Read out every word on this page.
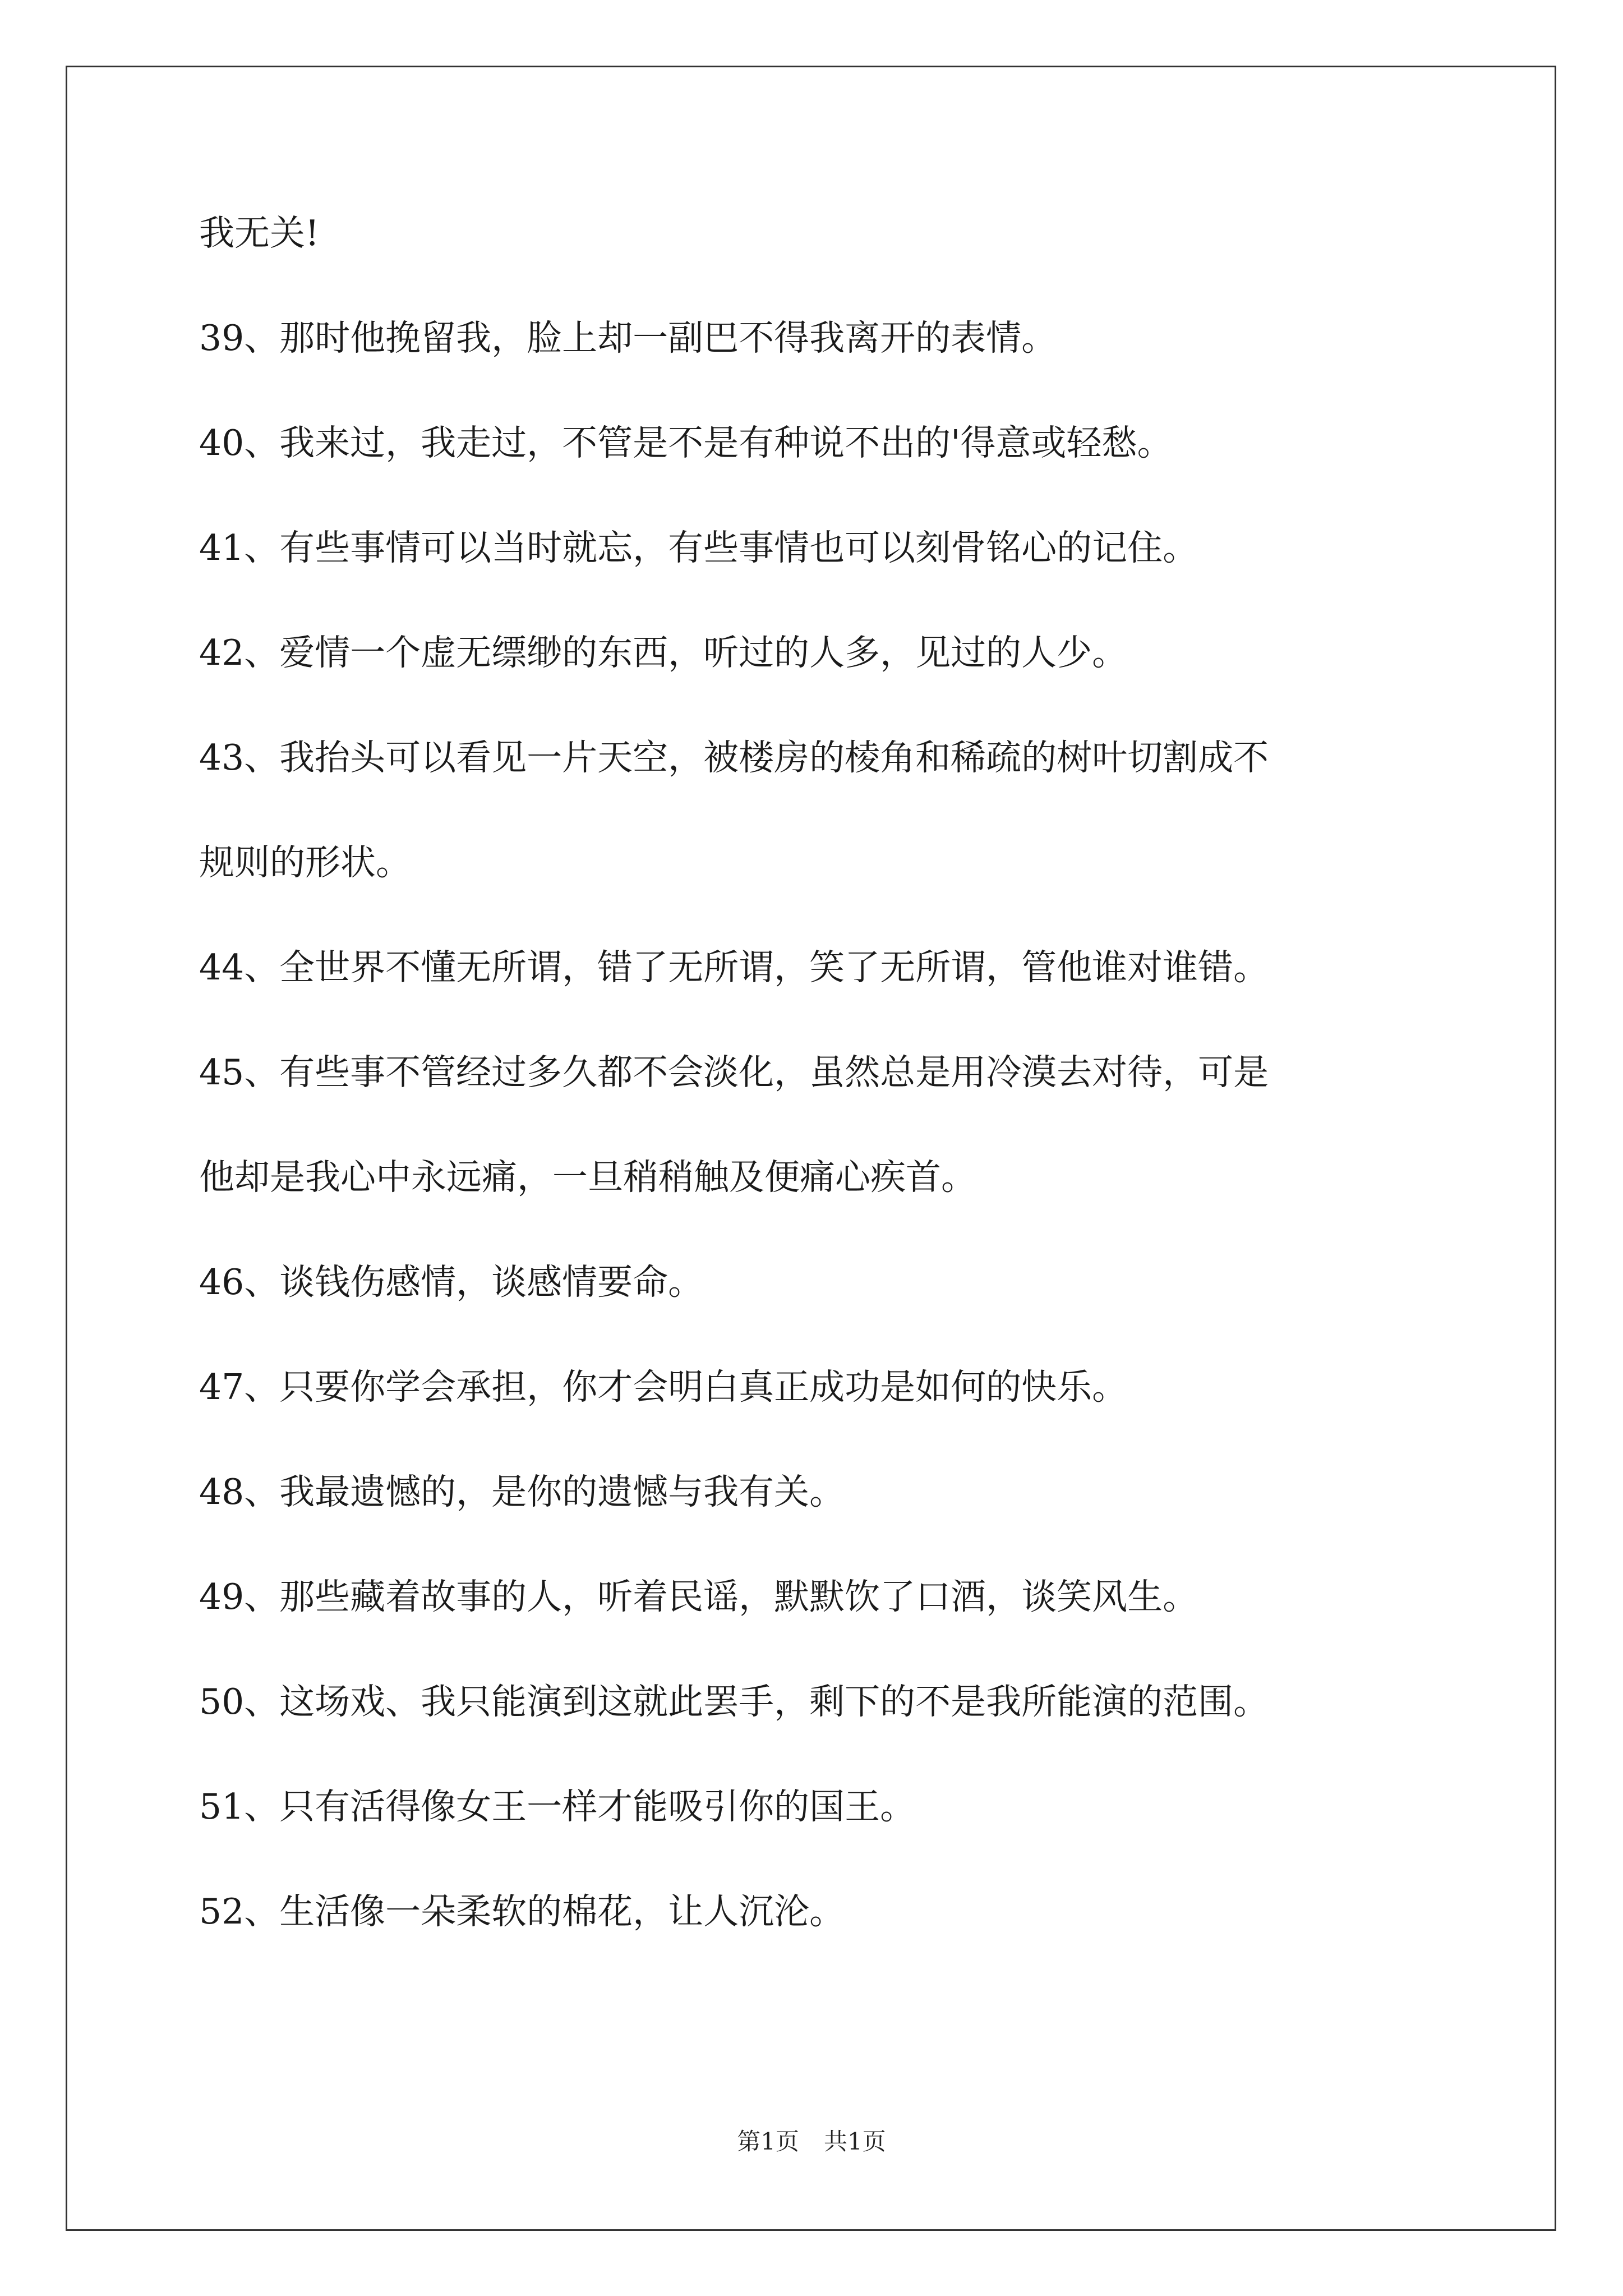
我无关!
39、那时他挽留我，脸上却一副巴不得我离开的表情。
40、我来过，我走过，不管是不是有种说不出的'得意或轻愁。
41、有些事情可以当时就忘，有些事情也可以刻骨铭心的记住。
42、爱情一个虚无缥缈的东西，听过的人多，见过的人少。
43、我抬头可以看见一片天空，被楼房的棱角和稀疏的树叶切割成不
规则的形状。
44、全世界不懂无所谓，错了无所谓，笑了无所谓，管他谁对谁错。
45、有些事不管经过多久都不会淡化，虽然总是用冷漠去对待，可是
他却是我心中永远痛，一旦稍稍触及便痛心疾首。
46、谈钱伤感情，谈感情要命。
47、只要你学会承担，你才会明白真正成功是如何的快乐。
48、我最遗憾的，是你的遗憾与我有关。
49、那些藏着故事的人，听着民谣，默默饮了口酒，谈笑风生。
50、这场戏、我只能演到这就此罢手，剩下的不是我所能演的范围。
51、只有活得像女王一样才能吸引你的国王。
52、生活像一朵柔软的棉花，让人沉沦。
第1页 共1页
